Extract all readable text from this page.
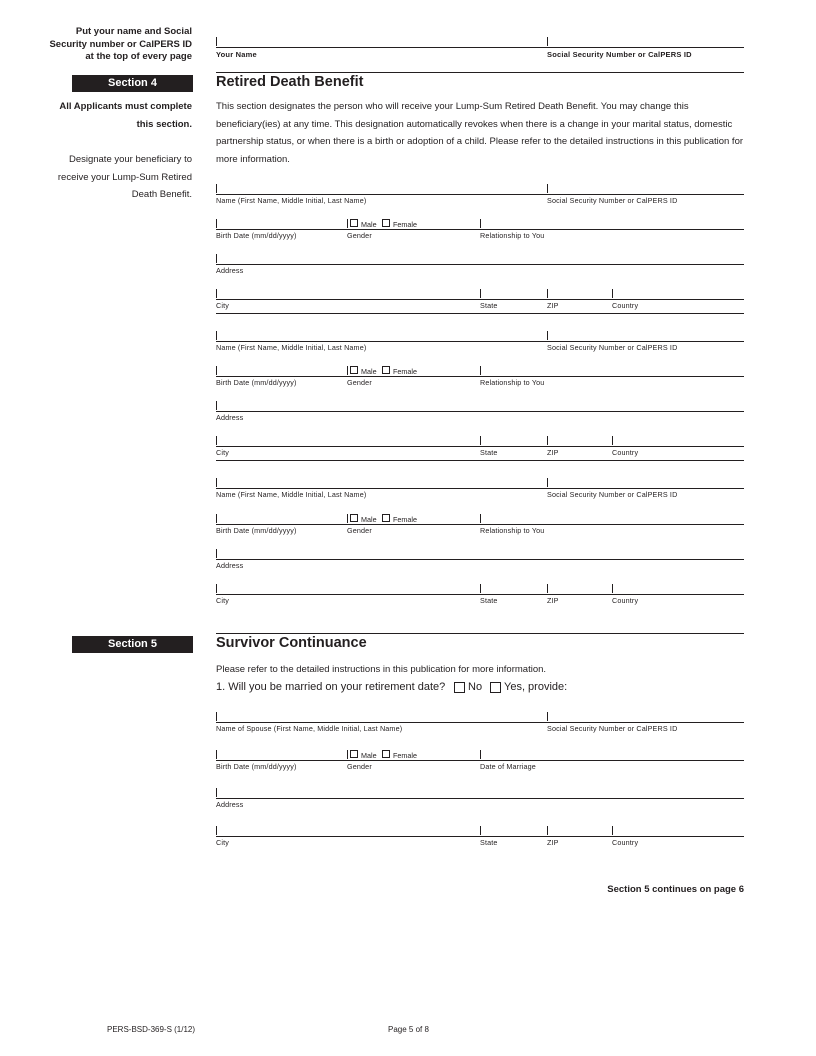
Put your name and Social Security number or CalPERS ID at the top of every page	Your Name	Social Security Number or CalPERS ID
Section 4	Retired Death Benefit
All Applicants must complete this section.
Designate your beneficiary to receive your Lump-Sum Retired Death Benefit.
This section designates the person who will receive your Lump-Sum Retired Death Benefit. You may change this beneficiary(ies) at any time. This designation automatically revokes when there is a change in your marital status, domestic partnership status, or when there is a birth or adoption of a child. Please refer to the detailed instructions in this publication for more information.
Name (First Name, Middle Initial, Last Name)	Social Security Number or CalPERS ID
Male Female
Birth Date (mm/dd/yyyy)	Gender	Relationship to You
Address
City	State	ZIP	Country
Name (First Name, Middle Initial, Last Name)	Social Security Number or CalPERS ID
Male Female
Birth Date (mm/dd/yyyy)	Gender	Relationship to You
Address
City	State	ZIP	Country
Name (First Name, Middle Initial, Last Name)	Social Security Number or CalPERS ID
Male Female
Birth Date (mm/dd/yyyy)	Gender	Relationship to You
Address
City	State	ZIP	Country
Section 5	Survivor Continuance
Please refer to the detailed instructions in this publication for more information.
1. Will you be married on your retirement date? No Yes, provide:
Name of Spouse (First Name, Middle Initial, Last Name)	Social Security Number or CalPERS ID
Male Female
Birth Date (mm/dd/yyyy)	Gender	Date of Marriage
Address
City	State	ZIP	Country
Section 5 continues on page 6
PERS-BSD-369-S (1/12)	Page 5 of 8
